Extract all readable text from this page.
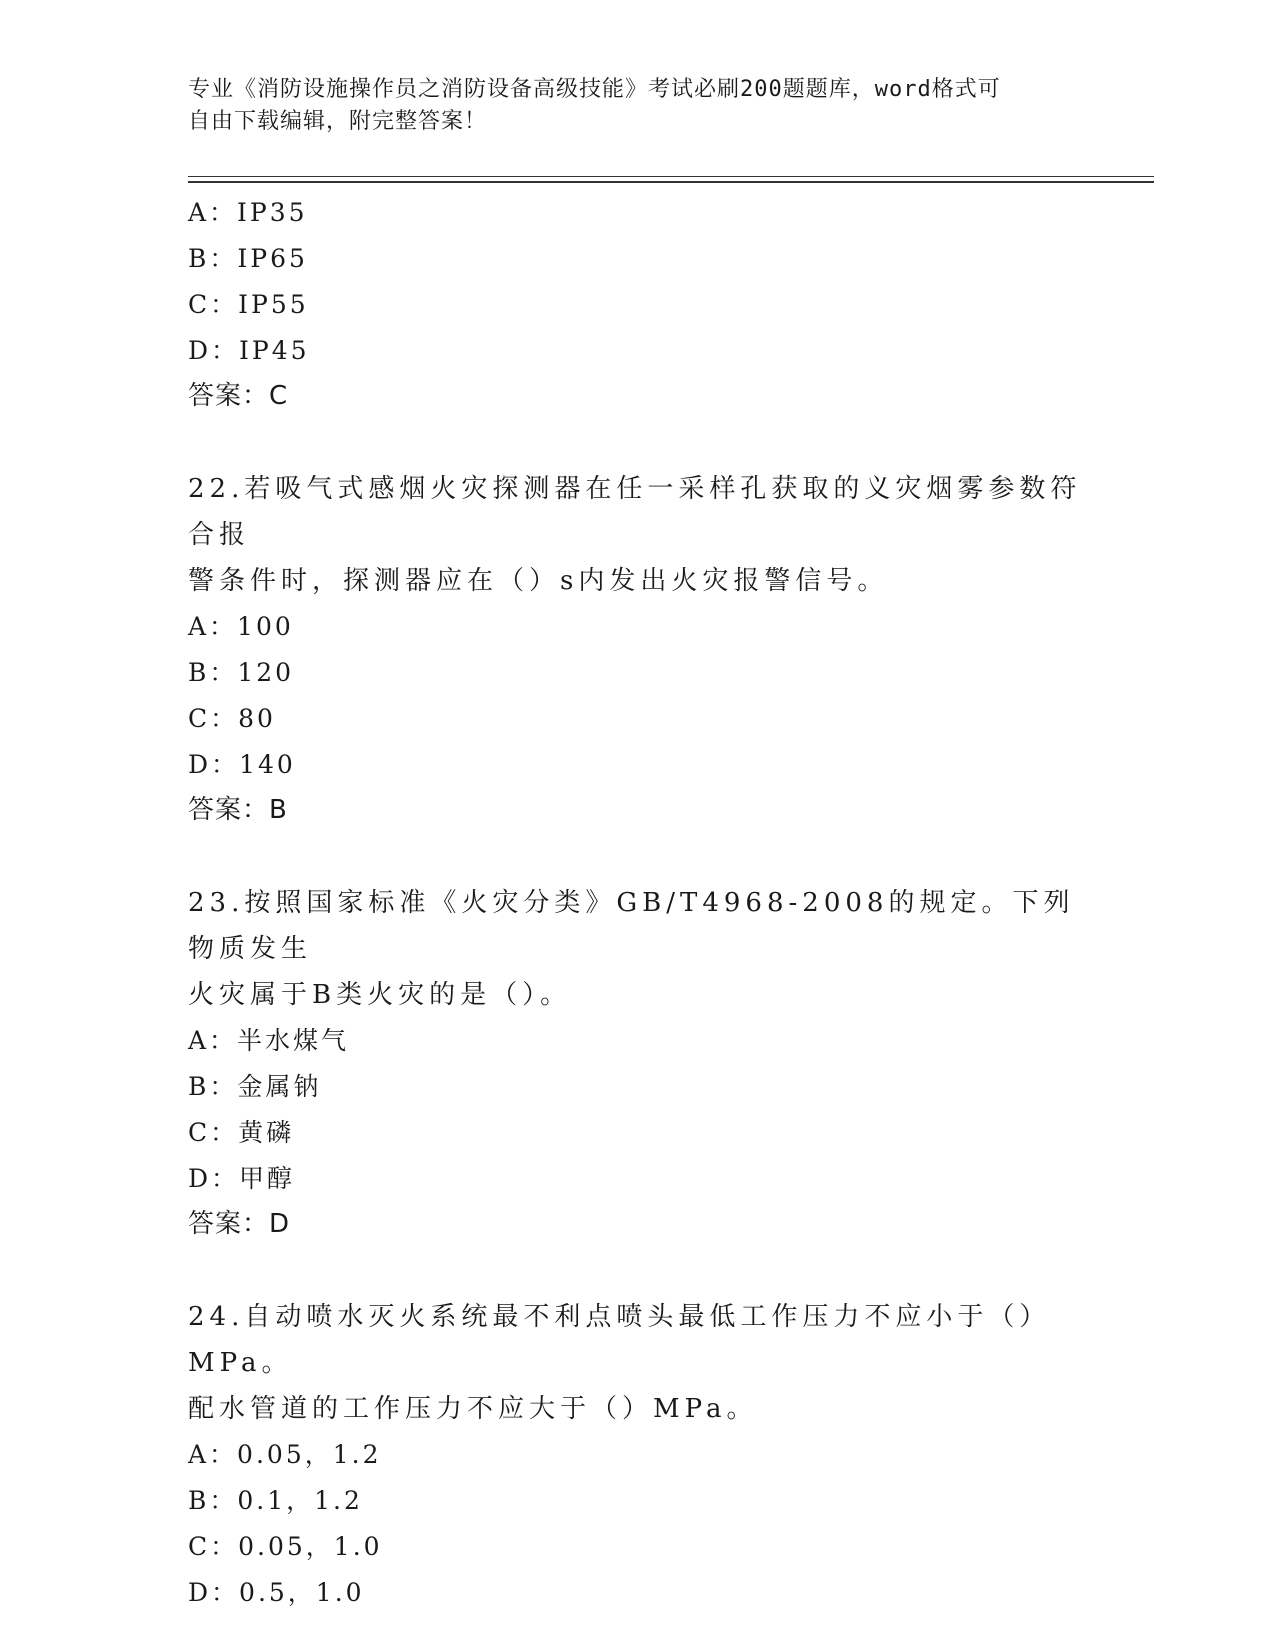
专业《消防设施操作员之消防设备高级技能》考试必刷200题题库，word格式可
自由下载编辑，附完整答案！
A：IP35
B：IP65
C：IP55
D：IP45
答案：C
22.若吸气式感烟火灾探测器在任一采样孔获取的义灾烟雾参数符合报
警条件时，探测器应在（）s内发出火灾报警信号。
A：100
B：120
C：80
D：140
答案：B
23.按照国家标准《火灾分类》GB/T4968-2008的规定。下列物质发生
火灾属于B类火灾的是（）。
A：半水煤气
B：金属钠
C：黄磷
D：甲醇
答案：D
24.自动喷水灭火系统最不利点喷头最低工作压力不应小于（）MPa。
配水管道的工作压力不应大于（）MPa。
A：0.05，1.2
B：0.1，1.2
C：0.05，1.0
D：0.5，1.0
